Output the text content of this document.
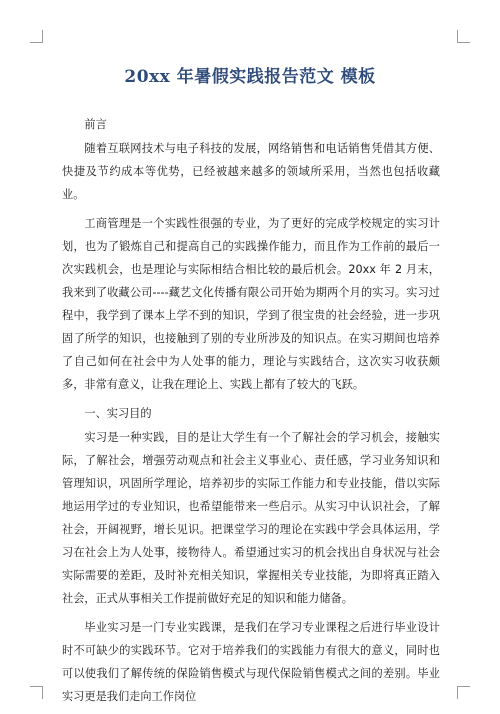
20xx 年暑假实践报告范文 模板

前言

随着互联网技术与电子科技的发展，网络销售和电话销售凭借其方便、快捷及节约成本等优势，已经被越来越多的领域所采用，当然也包括收藏业。

工商管理是一个实践性很强的专业，为了更好的完成学校规定的实习计划，也为了锻炼自己和提高自己的实践操作能力，而且作为工作前的最后一次实践机会，也是理论与实际相结合相比较的最后机会。20xx 年 2 月末，我来到了收藏公司----藏艺文化传播有限公司开始为期两个月的实习。实习过程中，我学到了课本上学不到的知识，学到了很宝贵的社会经验，进一步巩固了所学的知识，也接触到了别的专业所涉及的知识点。在实习期间也培养了自己如何在社会中为人处事的能力，理论与实践结合，这次实习收获颇多，非常有意义，让我在理论上、实践上都有了较大的飞跃。

一、实习目的

实习是一种实践，目的是让大学生有一个了解社会的学习机会，接触实际，了解社会，增强劳动观点和社会主义事业心、责任感，学习业务知识和管理知识，巩固所学理论，培养初步的实际工作能力和专业技能，借以实际地运用学过的专业知识，也希望能带来一些启示。从实习中认识社会，了解社会，开阔视野，增长见识。把课堂学习的理论在实践中学会具体运用，学习在社会上为人处事，接物待人。希望通过实习的机会找出自身状况与社会实际需要的差距，及时补充相关知识，掌握相关专业技能，为即将真正踏入社会，正式从事相关工作提前做好充足的知识和能力储备。

毕业实习是一门专业实践课，是我们在学习专业课程之后进行毕业设计时不可缺少的实践环节。它对于培养我们的实践能力有很大的意义，同时也可以使我们了解传统的保险销售模式与现代保险销售模式之间的差别。毕业实习更是我们走向工作岗位
